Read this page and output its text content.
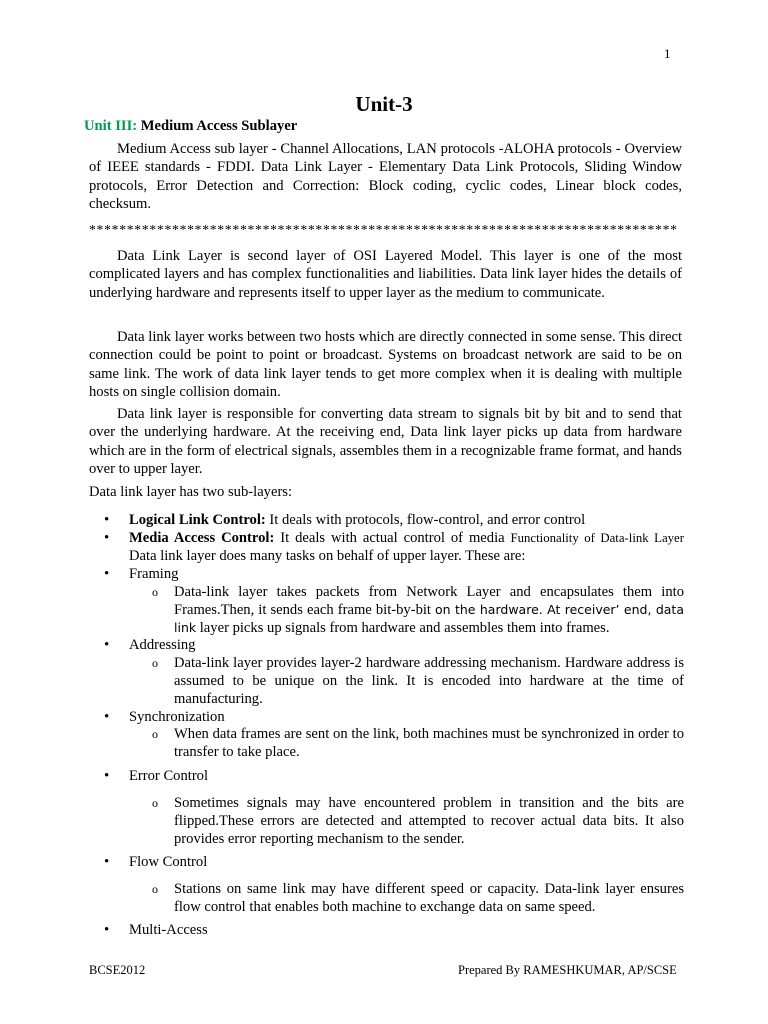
1
Unit-3
Unit III: Medium Access Sublayer

Medium Access sub layer - Channel Allocations, LAN protocols -ALOHA protocols - Overview of IEEE standards - FDDI. Data Link Layer - Elementary Data Link Protocols, Sliding Window protocols, Error Detection and Correction: Block coding, cyclic codes, Linear block codes, checksum.

******************************************************************************

Data Link Layer is second layer of OSI Layered Model. This layer is one of the most complicated layers and has complex functionalities and liabilities. Data link layer hides the details of underlying hardware and represents itself to upper layer as the medium to communicate.

Data link layer works between two hosts which are directly connected in some sense. This direct connection could be point to point or broadcast. Systems on broadcast network are said to be on same link. The work of data link layer tends to get more complex when it is dealing with multiple hosts on single collision domain.

Data link layer is responsible for converting data stream to signals bit by bit and to send that over the underlying hardware. At the receiving end, Data link layer picks up data from hardware which are in the form of electrical signals, assembles them in a recognizable frame format, and hands over to upper layer.

Data link layer has two sub-layers:
• Logical Link Control: It deals with protocols, flow-control, and error control
• Media Access Control: It deals with actual control of media Functionality of Data-link Layer Data link layer does many tasks on behalf of upper layer. These are:
• Framing
o Data-link layer takes packets from Network Layer and encapsulates them into Frames.Then, it sends each frame bit-by-bit on the hardware. At receiver’ end, data link layer picks up signals from hardware and assembles them into frames.
• Addressing
o Data-link layer provides layer-2 hardware addressing mechanism. Hardware address is assumed to be unique on the link. It is encoded into hardware at the time of manufacturing.
• Synchronization
o When data frames are sent on the link, both machines must be synchronized in order to transfer to take place.
• Error Control
o Sometimes signals may have encountered problem in transition and the bits are flipped.These errors are detected and attempted to recover actual data bits. It also provides error reporting mechanism to the sender.
• Flow Control
o Stations on same link may have different speed or capacity. Data-link layer ensures flow control that enables both machine to exchange data on same speed.
• Multi-Access
BCSE2012	Prepared By RAMESHKUMAR, AP/SCSE
